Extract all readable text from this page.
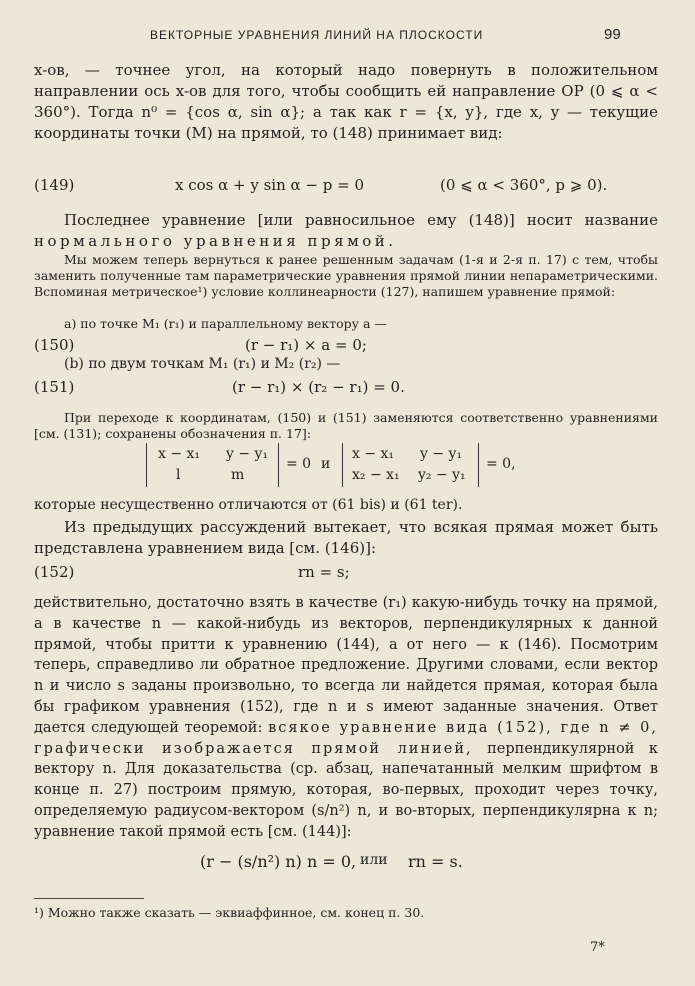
ВЕКТОРНЫЕ УРАВНЕНИЯ ЛИНИЙ НА ПЛОСКОСТИ	99
x-ов, — точнее угол, на который надо повернуть в положительном направлении ось x-ов для того, чтобы сообщить ей направление OP (0 ⩽ α < 360°). Тогда n⁰ = {cos α, sin α}; а так как r = {x, y}, где x, y — текущие координаты точки (M) на прямой, то (148) принимает вид:
(149)	x cos α + y sin α − p = 0	(0 ⩽ α < 360°, p ⩾ 0).
Последнее уравнение [или равносильное ему (148)] носит название нормального уравнения прямой.
Мы можем теперь вернуться к ранее решенным задачам (1-я и 2-я п. 17) с тем, чтобы заменить полученные там параметрические уравнения прямой линии непараметрическими. Вспоминая метрическое¹) условие коллинеарности (127), напишем уравнение прямой:
а) по точке M₁ (r₁) и параллельному вектору a —
(150)	(r − r₁) × a = 0;
(b) по двум точкам M₁ (r₁) и M₂ (r₂) —
(151)	(r − r₁) × (r₂ − r₁) = 0.
При переходе к координатам, (150) и (151) заменяются соответственно уравнениями [см. (131); сохранены обозначения п. 17]:
x − x₁ y − y₁
l	m
= 0 и
x − x₁ y − y₁
x₂ − x₁ y₂ − y₁
= 0,
которые несущественно отличаются от (61 bis) и (61 ter).
Из предыдущих рассуждений вытекает, что всякая прямая может быть представлена уравнением вида [см. (146)]:
(152)	rn = s;
действительно, достаточно взять в качестве (r₁) какую-нибудь точку на прямой, а в качестве n — какой-нибудь из векторов, перпендикулярных к данной прямой, чтобы притти к уравнению (144), а от него — к (146). Посмотрим теперь, справедливо ли обратное предложение. Другими словами, если вектор n и число s заданы произвольно, то всегда ли найдется прямая, которая была бы графиком уравнения (152), где n и s имеют заданные значения. Ответ дается следующей теоремой: всякое уравнение вида (152), где n ≠ 0, графически изображается прямой линией, перпендикулярной к вектору n. Для доказательства (ср. абзац, напечатанный мелким шрифтом в конце п. 27) построим прямую, которая, во-первых, проходит через точку, определяемую радиусом-вектором (s/n²) n, и во-вторых, перпендикулярна к n; уравнение такой прямой есть [см. (144)]:
(r − (s/n²) n) n = 0, или rn = s.
¹) Можно также сказать — эквиаффинное, см. конец п. 30.
7*
